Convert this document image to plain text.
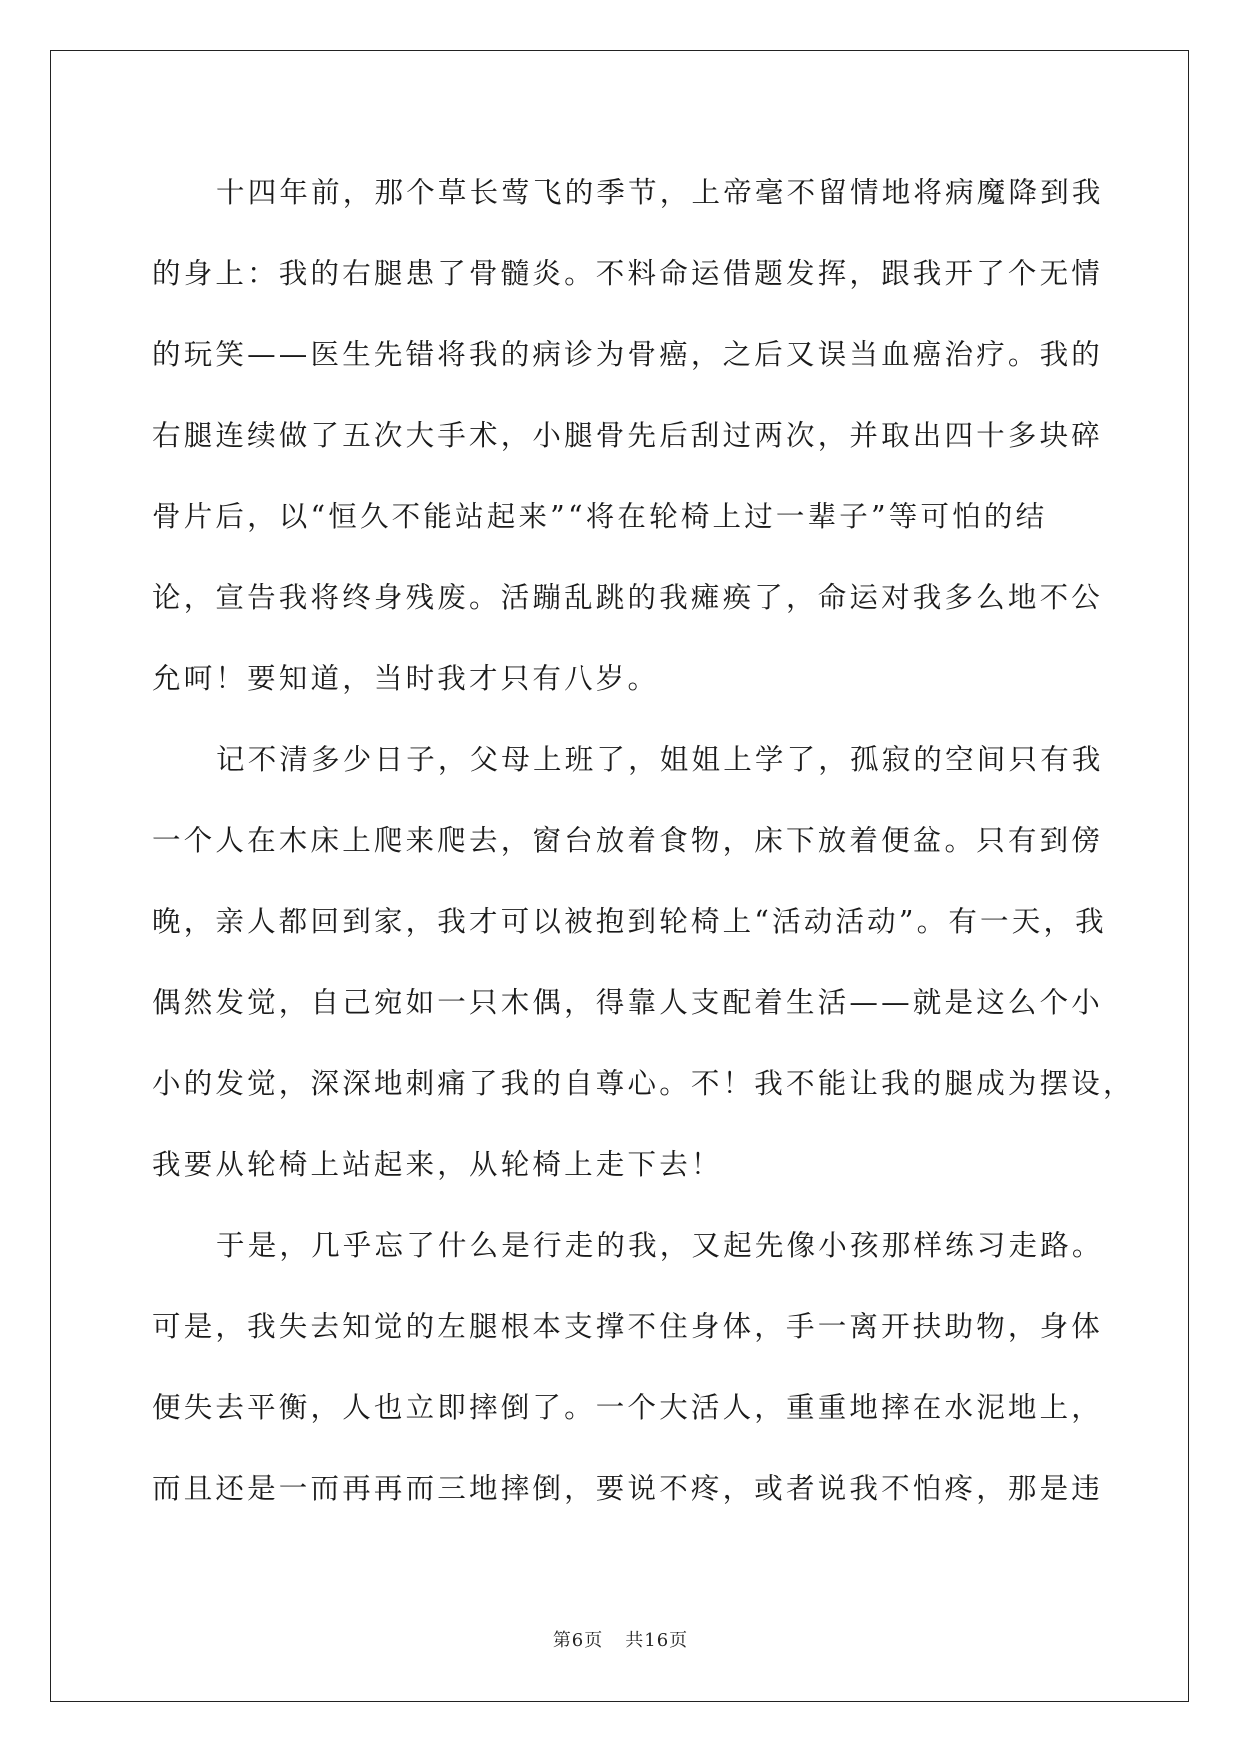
十四年前，那个草长莺飞的季节，上帝毫不留情地将病魔降到我
的身上：我的右腿患了骨髓炎。不料命运借题发挥，跟我开了个无情
的玩笑——医生先错将我的病诊为骨癌，之后又误当血癌治疗。我的
右腿连续做了五次大手术，小腿骨先后刮过两次，并取出四十多块碎
骨片后，以“恒久不能站起来”“将在轮椅上过一辈子”等可怕的结
论，宣告我将终身残废。活蹦乱跳的我瘫痪了，命运对我多么地不公
允呵！要知道，当时我才只有八岁。
记不清多少日子，父母上班了，姐姐上学了，孤寂的空间只有我
一个人在木床上爬来爬去，窗台放着食物，床下放着便盆。只有到傍
晚，亲人都回到家，我才可以被抱到轮椅上“活动活动”。有一天，我
偶然发觉，自己宛如一只木偶，得靠人支配着生活——就是这么个小
小的发觉，深深地刺痛了我的自尊心。不！我不能让我的腿成为摆设，
我要从轮椅上站起来，从轮椅上走下去！
于是，几乎忘了什么是行走的我，又起先像小孩那样练习走路。
可是，我失去知觉的左腿根本支撑不住身体，手一离开扶助物，身体
便失去平衡，人也立即摔倒了。一个大活人，重重地摔在水泥地上，
而且还是一而再再而三地摔倒，要说不疼，或者说我不怕疼，那是违
第6页 共16页
